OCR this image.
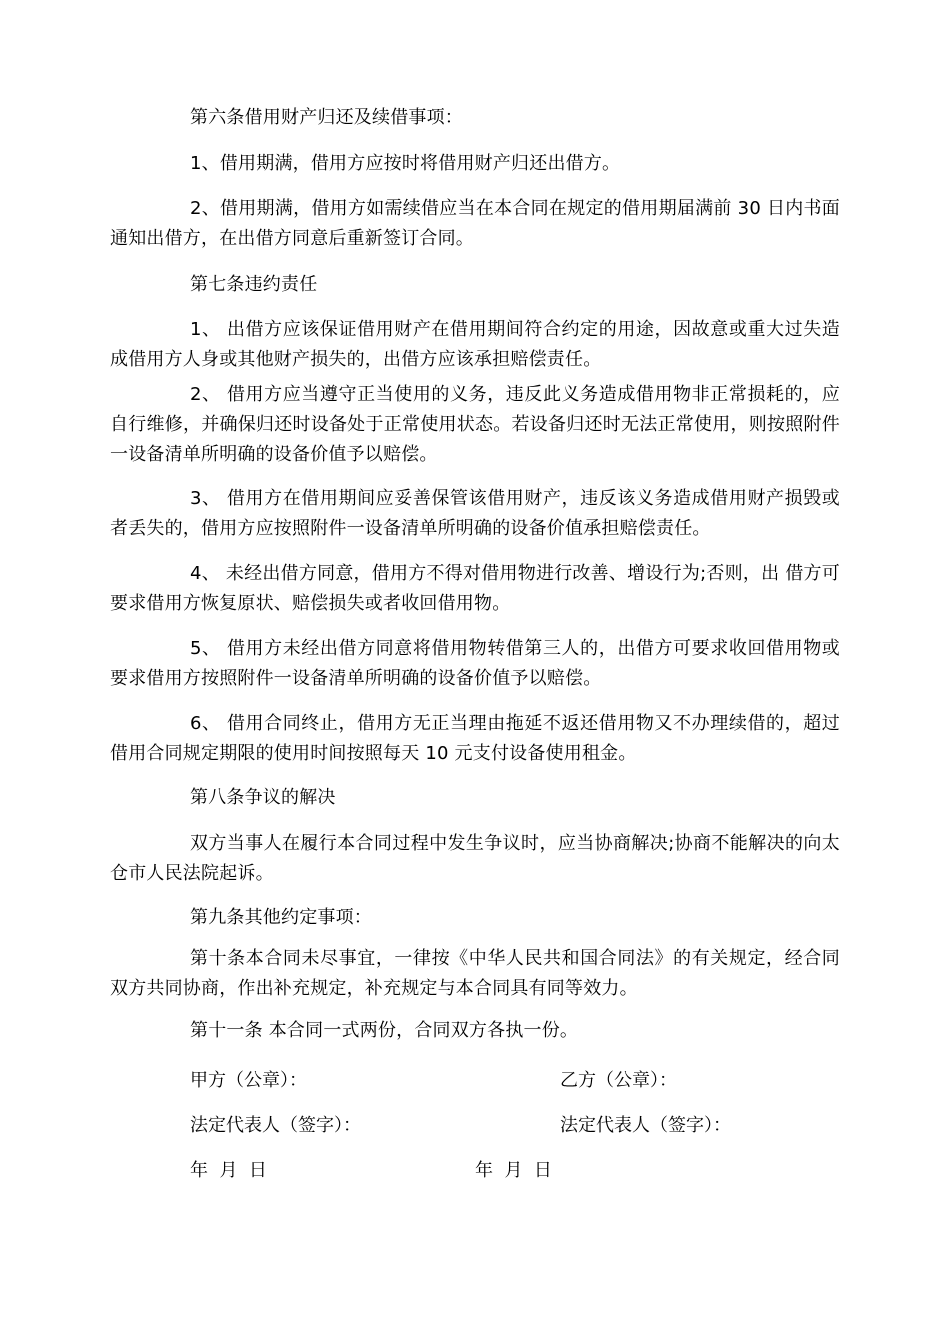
第六条借用财产归还及续借事项：
1、借用期满，借用方应按时将借用财产归还出借方。
2、借用期满，借用方如需续借应当在本合同在规定的借用期届满前 30 日内书面通知出借方，在出借方同意后重新签订合同。
第七条违约责任
1、 出借方应该保证借用财产在借用期间符合约定的用途，因故意或重大过失造成借用方人身或其他财产损失的，出借方应该承担赔偿责任。
2、 借用方应当遵守正当使用的义务，违反此义务造成借用物非正常损耗的，应自行维修，并确保归还时设备处于正常使用状态。若设备归还时无法正常使用，则按照附件一设备清单所明确的设备价值予以赔偿。
3、 借用方在借用期间应妥善保管该借用财产，违反该义务造成借用财产损毁或者丢失的，借用方应按照附件一设备清单所明确的设备价值承担赔偿责任。
4、 未经出借方同意，借用方不得对借用物进行改善、增设行为;否则，出 借方可要求借用方恢复原状、赔偿损失或者收回借用物。
5、 借用方未经出借方同意将借用物转借第三人的，出借方可要求收回借用物或要求借用方按照附件一设备清单所明确的设备价值予以赔偿。
6、 借用合同终止，借用方无正当理由拖延不返还借用物又不办理续借的，超过借用合同规定期限的使用时间按照每天 10 元支付设备使用租金。
第八条争议的解决
双方当事人在履行本合同过程中发生争议时，应当协商解决;协商不能解决的向太仓市人民法院起诉。
第九条其他约定事项：
第十条本合同未尽事宜，一律按《中华人民共和国合同法》的有关规定，经合同双方共同协商，作出补充规定，补充规定与本合同具有同等效力。
第十一条 本合同一式两份，合同双方各执一份。
甲方（公章）：	乙方（公章）：
法定代表人（签字）：	法定代表人（签字）：
年  月  日	年  月  日
